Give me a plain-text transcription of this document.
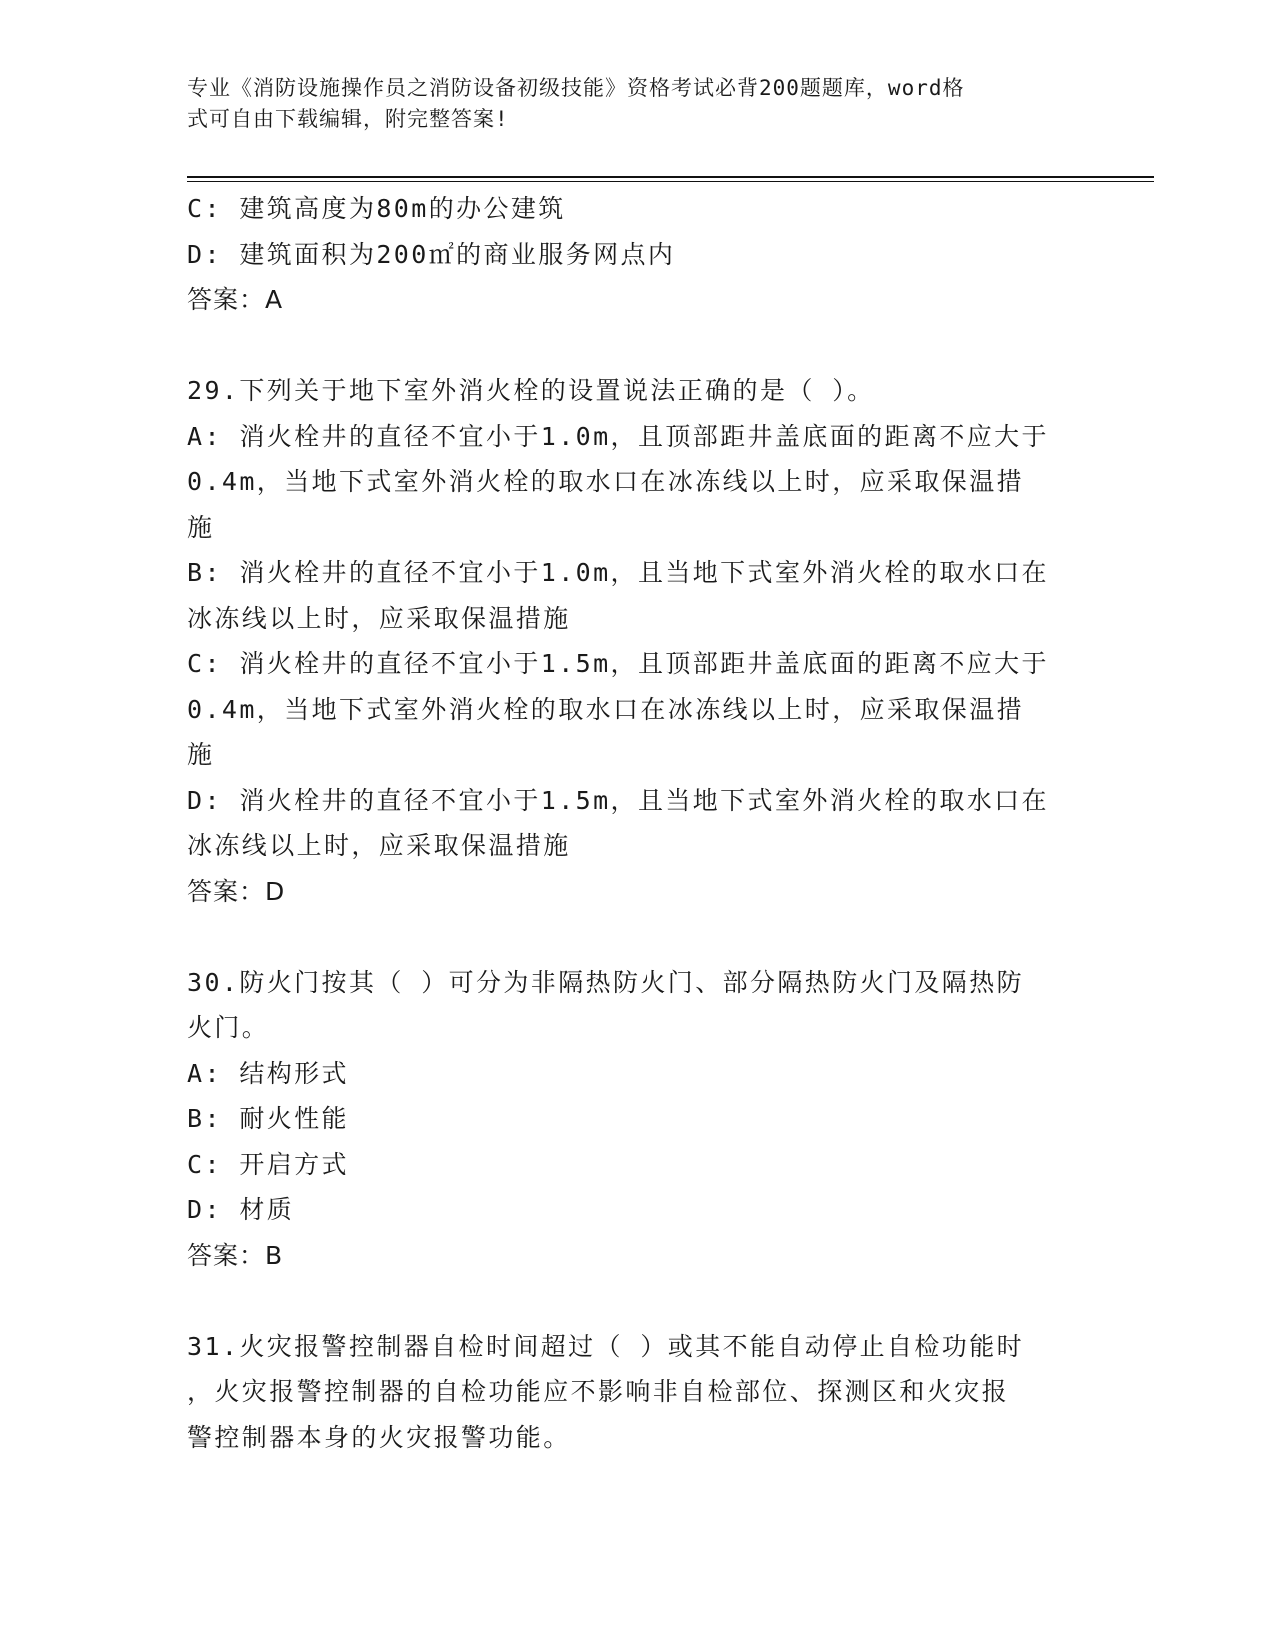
专业《消防设施操作员之消防设备初级技能》资格考试必背200题题库，word格
式可自由下载编辑，附完整答案!
C: 建筑高度为80m的办公建筑
D: 建筑面积为200㎡的商业服务网点内
答案：A
29.下列关于地下室外消火栓的设置说法正确的是（ ）。
A: 消火栓井的直径不宜小于1.0m，且顶部距井盖底面的距离不应大于
0.4m，当地下式室外消火栓的取水口在冰冻线以上时，应采取保温措
施
B: 消火栓井的直径不宜小于1.0m，且当地下式室外消火栓的取水口在
冰冻线以上时，应采取保温措施
C: 消火栓井的直径不宜小于1.5m，且顶部距井盖底面的距离不应大于
0.4m，当地下式室外消火栓的取水口在冰冻线以上时，应采取保温措
施
D: 消火栓井的直径不宜小于1.5m，且当地下式室外消火栓的取水口在
冰冻线以上时，应采取保温措施
答案：D
30.防火门按其（ ）可分为非隔热防火门、部分隔热防火门及隔热防
火门。
A: 结构形式
B: 耐火性能
C: 开启方式
D: 材质
答案：B
31.火灾报警控制器自检时间超过（ ）或其不能自动停止自检功能时
，火灾报警控制器的自检功能应不影响非自检部位、探测区和火灾报
警控制器本身的火灾报警功能。
